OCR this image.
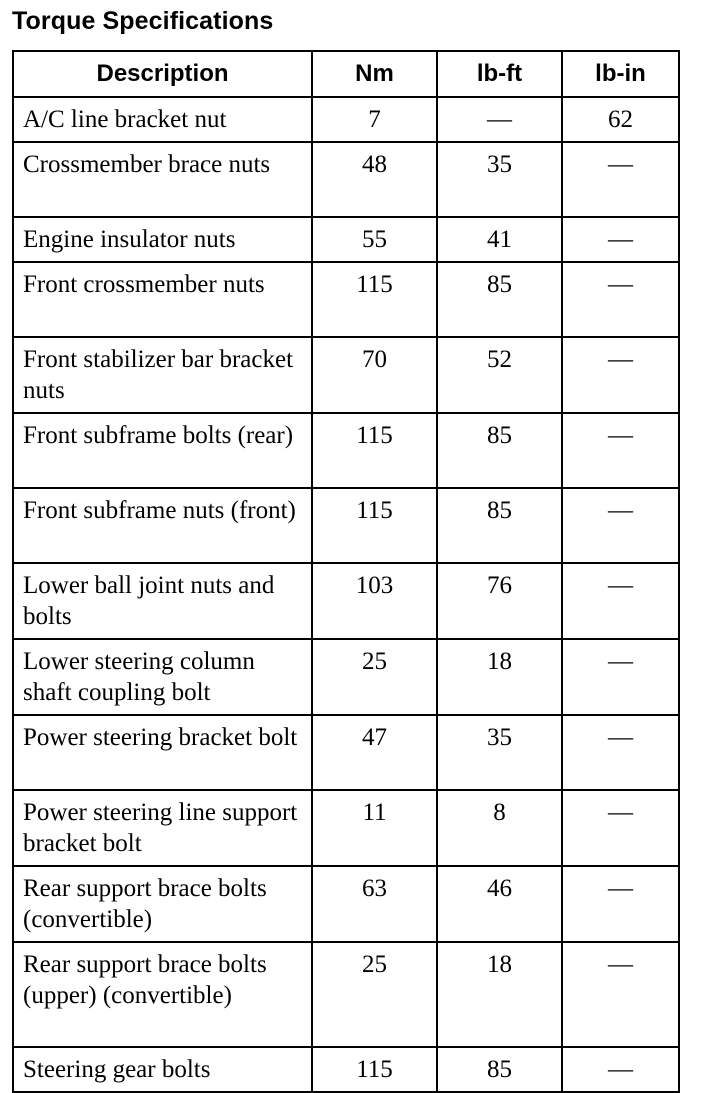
Torque Specifications
Description	Nm	lb-ft	lb-in
A/C line bracket nut	7	—	62
Crossmember brace nuts	48	35	—
Engine insulator nuts	55	41	—
Front crossmember nuts	115	85	—
Front stabilizer bar bracket nuts	70	52	—
Front subframe bolts (rear)	115	85	—
Front subframe nuts (front)	115	85	—
Lower ball joint nuts and bolts	103	76	—
Lower steering column shaft coupling bolt	25	18	—
Power steering bracket bolt	47	35	—
Power steering line support bracket bolt	11	8	—
Rear support brace bolts (convertible)	63	46	—
Rear support brace bolts (upper) (convertible)	25	18	—
Steering gear bolts	115	85	—
